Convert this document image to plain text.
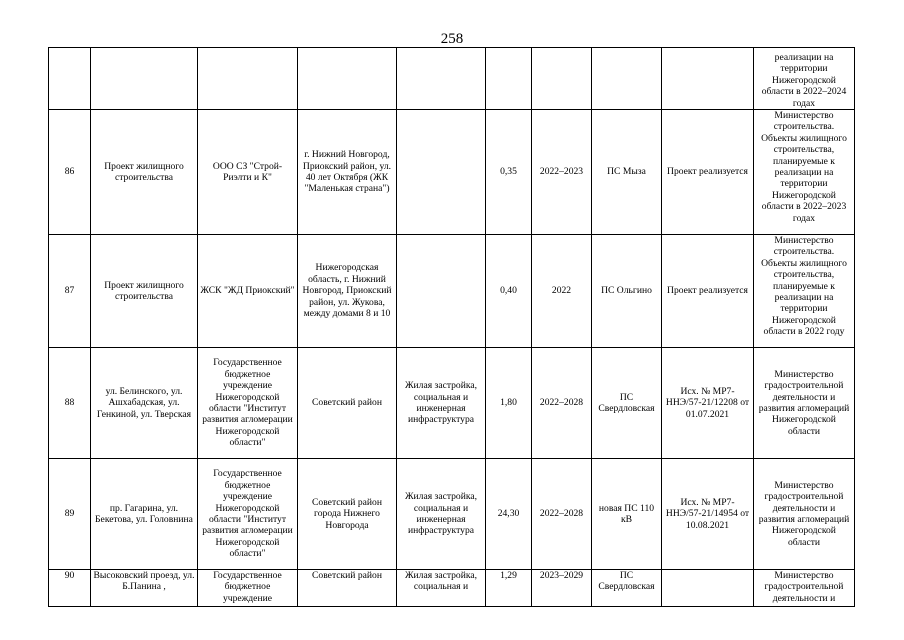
258
									реализации на территории Нижегородской области в 2022–2024 годах
86	Проект жилищного строительства	ООО СЗ "Строй-Риэлти и К"	г. Нижний Новгород, Приокский район, ул. 40 лет Октября (ЖК "Маленькая страна")		0,35	2022–2023	ПС Мыза	Проект реализуется	Министерство строительства. Объекты жилищного строительства, планируемые к реализации на территории Нижегородской области в 2022–2023 годах
87	Проект жилищного строительства	ЖСК "ЖД Приокский"	Нижегородская область, г. Нижний Новгород, Приокский район, ул. Жукова, между домами 8 и 10		0,40	2022	ПС Ольгино	Проект реализуется	Министерство строительства. Объекты жилищного строительства, планируемые к реализации на территории Нижегородской области в 2022 году
88	ул. Белинского, ул. Ашхабадская, ул. Генкиной, ул. Тверская	Государственное бюджетное учреждение Нижегородской области "Институт развития агломерации Нижегородской области"	Советский район	Жилая застройка, социальная и инженерная инфраструктура	1,80	2022–2028	ПС Свердловская	Исх. № МР7-ННЭ/57-21/12208 от 01.07.2021	Министерство градостроительной деятельности и развития агломераций Нижегородской области
89	пр. Гагарина, ул. Бекетова, ул. Головнина	Государственное бюджетное учреждение Нижегородской области "Институт развития агломерации Нижегородской области"	Советский район города Нижнего Новгорода	Жилая застройка, социальная и инженерная инфраструктура	24,30	2022–2028	новая ПС 110 кВ	Исх. № МР7-ННЭ/57-21/14954 от 10.08.2021	Министерство градостроительной деятельности и развития агломераций Нижегородской области
90	Высоковский проезд, ул. Б.Панина ,	Государственное бюджетное учреждение	Советский район	Жилая застройка, социальная и	1,29	2023–2029	ПС Свердловская		Министерство градостроительной деятельности и
